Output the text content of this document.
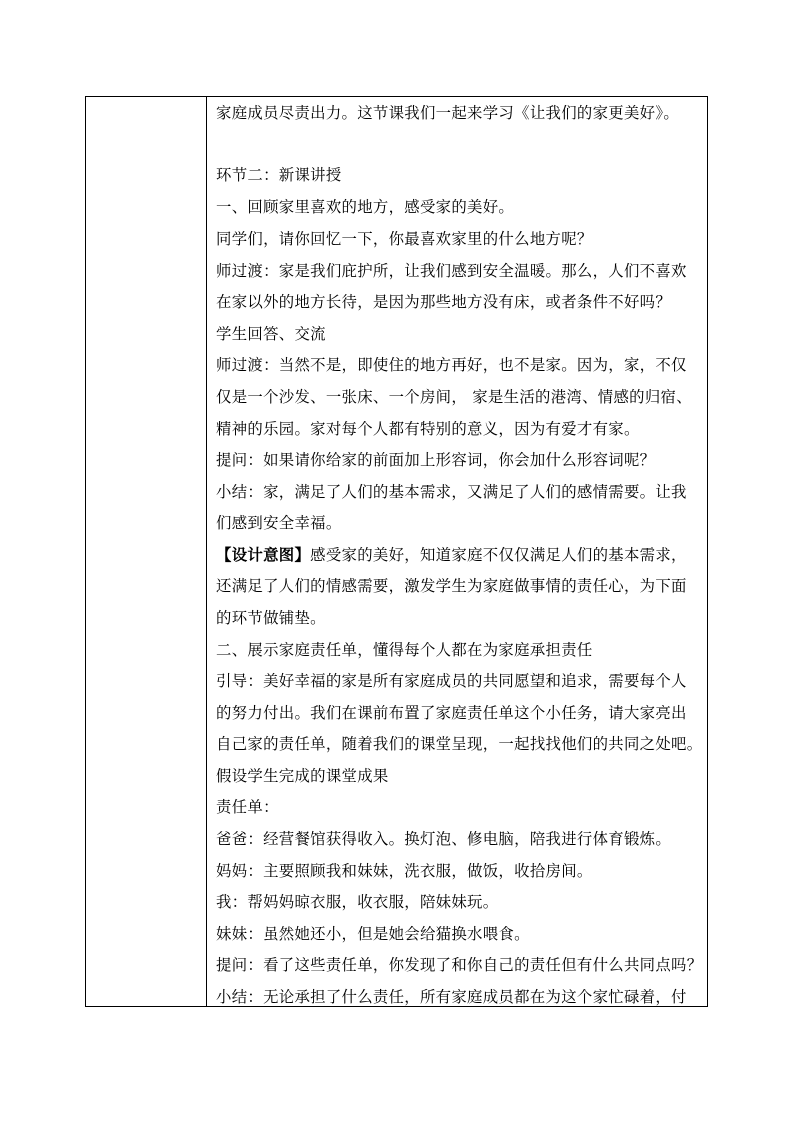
家庭成员尽责出力。这节课我们一起来学习《让我们的家更美好》。
环节二：新课讲授
一、回顾家里喜欢的地方，感受家的美好。
同学们，请你回忆一下，你最喜欢家里的什么地方呢？
师过渡：家是我们庇护所，让我们感到安全温暖。那么，人们不喜欢
在家以外的地方长待，是因为那些地方没有床，或者条件不好吗？
学生回答、交流
师过渡：当然不是，即使住的地方再好，也不是家。因为，家，不仅
仅是一个沙发、一张床、一个房间， 家是生活的港湾、情感的归宿、
精神的乐园。家对每个人都有特别的意义，因为有爱才有家。
提问：如果请你给家的前面加上形容词，你会加什么形容词呢？
小结：家，满足了人们的基本需求，又满足了人们的感情需要。让我
们感到安全幸福。
【设计意图】感受家的美好，知道家庭不仅仅满足人们的基本需求，
还满足了人们的情感需要，激发学生为家庭做事情的责任心，为下面
的环节做铺垫。
二、展示家庭责任单，懂得每个人都在为家庭承担责任
引导：美好幸福的家是所有家庭成员的共同愿望和追求，需要每个人
的努力付出。我们在课前布置了家庭责任单这个小任务，请大家亮出
自己家的责任单，随着我们的课堂呈现，一起找找他们的共同之处吧。
假设学生完成的课堂成果
责任单：
爸爸：经营餐馆获得收入。换灯泡、修电脑，陪我进行体育锻炼。
妈妈：主要照顾我和妹妹，洗衣服，做饭，收拾房间。
我：帮妈妈晾衣服，收衣服，陪妹妹玩。
妹妹：虽然她还小，但是她会给猫换水喂食。
提问：看了这些责任单，你发现了和你自己的责任但有什么共同点吗？
小结：无论承担了什么责任，所有家庭成员都在为这个家忙碌着，付
